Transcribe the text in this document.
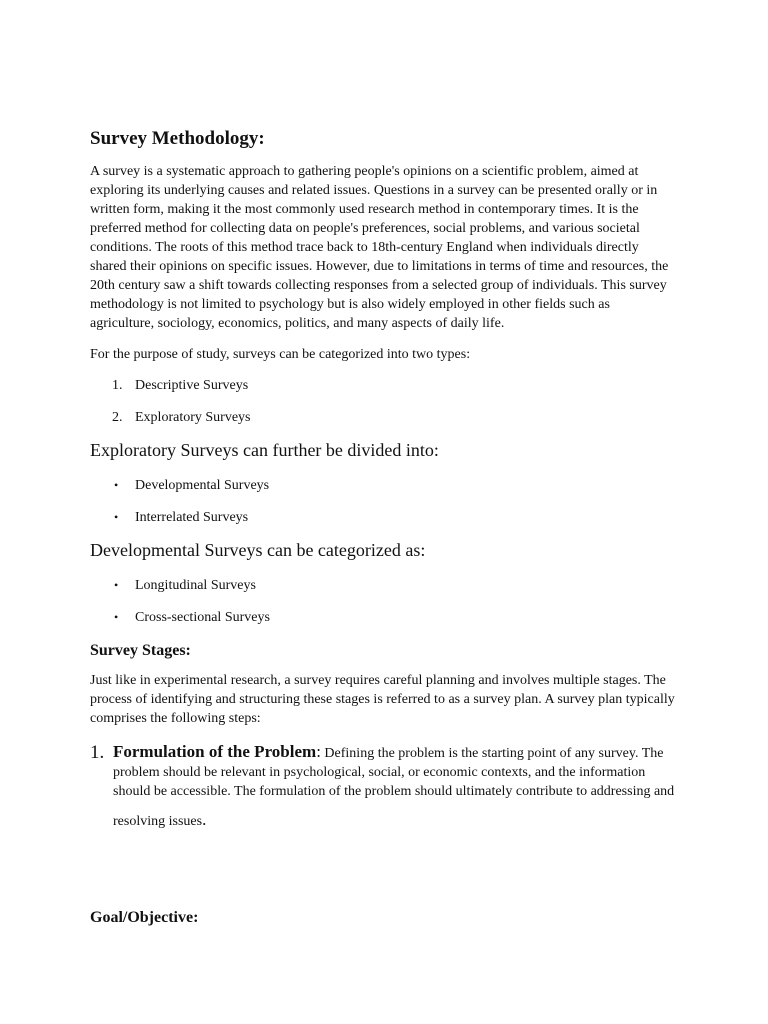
Survey Methodology:

A survey is a systematic approach to gathering people's opinions on a scientific problem, aimed at exploring its underlying causes and related issues. Questions in a survey can be presented orally or in written form, making it the most commonly used research method in contemporary times. It is the preferred method for collecting data on people's preferences, social problems, and various societal conditions. The roots of this method trace back to 18th-century England when individuals directly shared their opinions on specific issues. However, due to limitations in terms of time and resources, the 20th century saw a shift towards collecting responses from a selected group of individuals. This survey methodology is not limited to psychology but is also widely employed in other fields such as agriculture, sociology, economics, politics, and many aspects of daily life.

For the purpose of study, surveys can be categorized into two types:

1. Descriptive Surveys
2. Exploratory Surveys
Exploratory Surveys can further be divided into:
• Developmental Surveys
• Interrelated Surveys
Developmental Surveys can be categorized as:
• Longitudinal Surveys
• Cross-sectional Surveys
Survey Stages:

Just like in experimental research, a survey requires careful planning and involves multiple stages. The process of identifying and structuring these stages is referred to as a survey plan. A survey plan typically comprises the following steps:

1. Formulation of the Problem: Defining the problem is the starting point of any survey. The problem should be relevant in psychological, social, or economic contexts, and the information should be accessible. The formulation of the problem should ultimately contribute to addressing and
resolving issues.
Goal/Objective:
